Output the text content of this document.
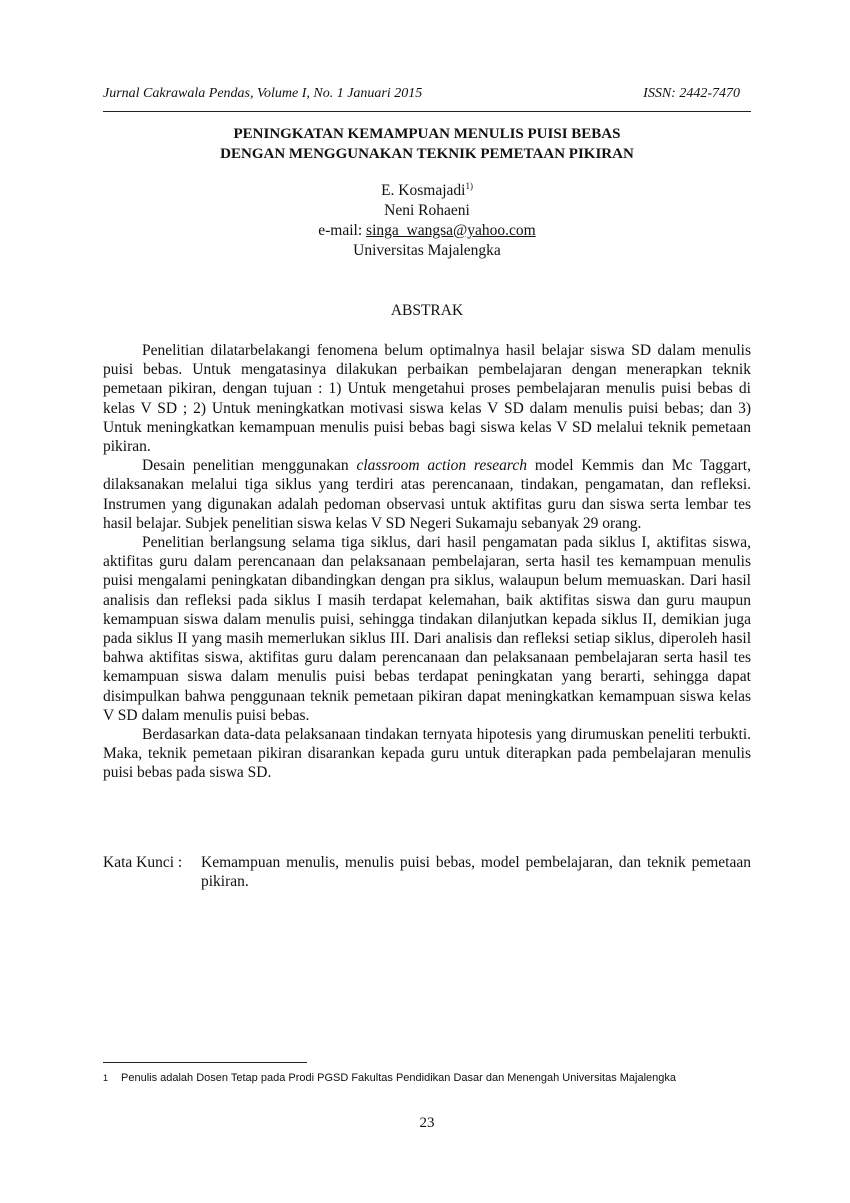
Jurnal Cakrawala Pendas, Volume I, No. 1 Januari 2015	ISSN: 2442-7470
PENINGKATAN KEMAMPUAN MENULIS PUISI BEBAS
DENGAN MENGGUNAKAN TEKNIK PEMETAAN PIKIRAN
E. Kosmajadi$^{1)}$
Neni Rohaeni
e-mail: singa_wangsa@yahoo.com
Universitas Majalengka
ABSTRAK

Penelitian dilatarbelakangi fenomena belum optimalnya hasil belajar siswa SD dalam menulis puisi bebas. Untuk mengatasinya dilakukan perbaikan pembelajaran dengan menerapkan teknik pemetaan pikiran, dengan tujuan : 1) Untuk mengetahui proses pembelajaran menulis puisi bebas di kelas V SD ; 2) Untuk meningkatkan motivasi siswa kelas V SD dalam menulis puisi bebas; dan 3) Untuk meningkatkan kemampuan menulis puisi bebas bagi siswa kelas V SD melalui teknik pemetaan pikiran.

Desain penelitian menggunakan classroom action research model Kemmis dan Mc Taggart, dilaksanakan melalui tiga siklus yang terdiri atas perencanaan, tindakan, pengamatan, dan refleksi. Instrumen yang digunakan adalah pedoman observasi untuk aktifitas guru dan siswa serta lembar tes hasil belajar. Subjek penelitian siswa kelas V SD Negeri Sukamaju sebanyak 29 orang.

Penelitian berlangsung selama tiga siklus, dari hasil pengamatan pada siklus I, aktifitas siswa, aktifitas guru dalam perencanaan dan pelaksanaan pembelajaran, serta hasil tes kemampuan menulis puisi mengalami peningkatan dibandingkan dengan pra siklus, walaupun belum memuaskan. Dari hasil analisis dan refleksi pada siklus I masih terdapat kelemahan, baik aktifitas siswa dan guru maupun kemampuan siswa dalam menulis puisi, sehingga tindakan dilanjutkan kepada siklus II, demikian juga pada siklus II yang masih memerlukan siklus III. Dari analisis dan refleksi setiap siklus, diperoleh hasil bahwa aktifitas siswa, aktifitas guru dalam perencanaan dan pelaksanaan pembelajaran serta hasil tes kemampuan siswa dalam menulis puisi bebas terdapat peningkatan yang berarti, sehingga dapat disimpulkan bahwa penggunaan teknik pemetaan pikiran dapat meningkatkan kemampuan siswa kelas V SD dalam menulis puisi bebas.

Berdasarkan data-data pelaksanaan tindakan ternyata hipotesis yang dirumuskan peneliti terbukti. Maka, teknik pemetaan pikiran disarankan kepada guru untuk diterapkan pada pembelajaran menulis puisi bebas pada siswa SD.

Kata Kunci : Kemampuan menulis, menulis puisi bebas, model pembelajaran, dan teknik pemetaan pikiran.
1 Penulis adalah Dosen Tetap pada Prodi PGSD Fakultas Pendidikan Dasar dan Menengah Universitas Majalengka
23
